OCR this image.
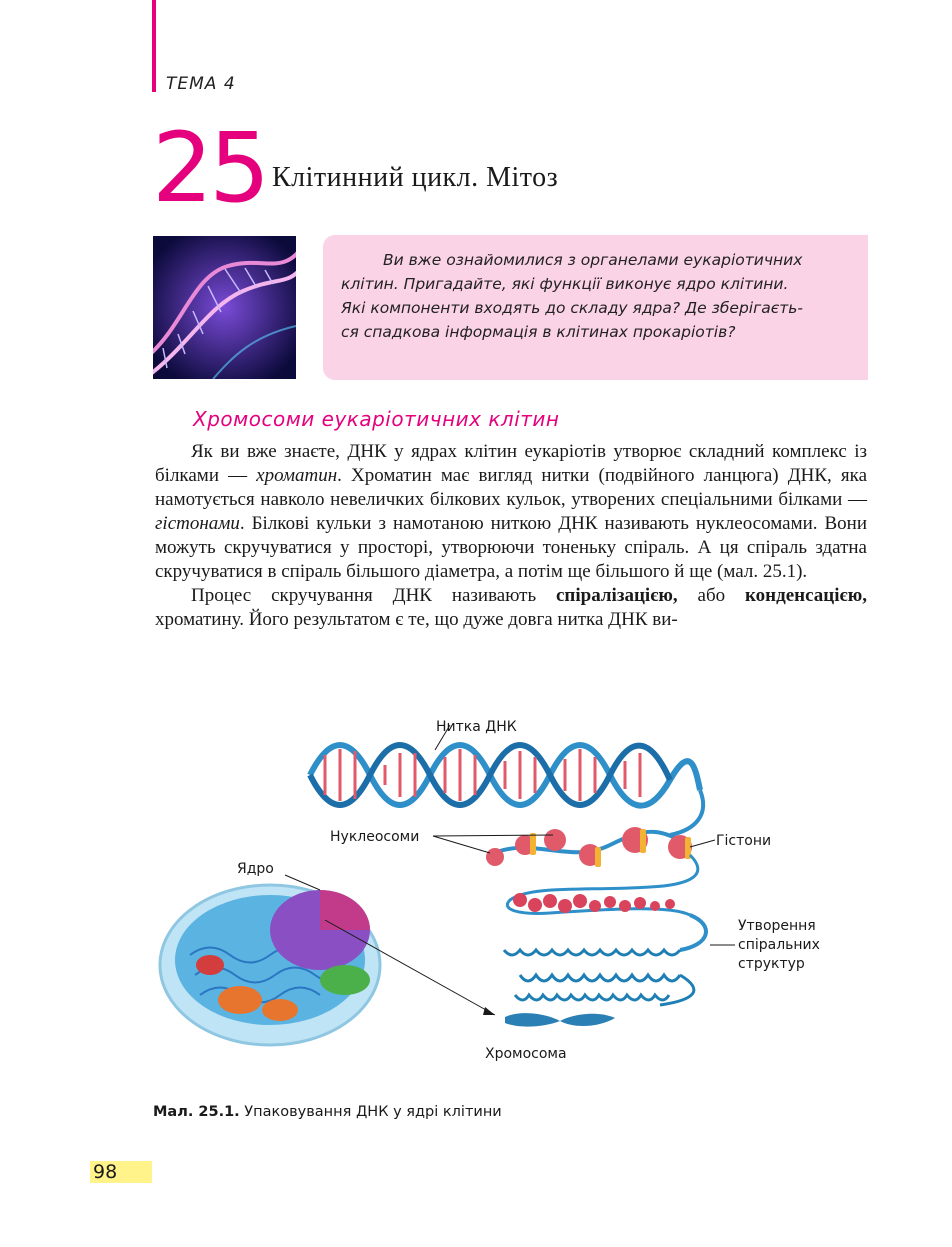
ТЕМА 4
25 Клітинний цикл. Мітоз

Ви вже ознайомилися з органелами еукаріотичних
клітин. Пригадайте, які функції виконує ядро клітини.
Які компоненти входять до складу ядра? Де зберігаєть-
ся спадкова інформація в клітинах прокаріотів?

Хромосоми еукаріотичних клітин

Як ви вже знаєте, ДНК у ядрах клітин еукаріотів утворює складний комплекс із білками — хроматин. Хроматин має вигляд нитки (подвійного ланцюга) ДНК, яка намотується навколо невеличких білкових кульок, утворених спеціальними білками — гістонами. Білкові кульки з намотаною ниткою ДНК називають нуклеосомами. Вони можуть скручуватися у просторі, утворюючи тоненьку спіраль. А ця спіраль здатна скручуватися в спіраль більшого діаметра, а потім ще більшого й ще (мал. 25.1).

Процес скручування ДНК називають спіралізацією, або конденсацією, хроматину. Його результатом є те, що дуже довга нитка ДНК ви-

Нитка ДНК
Нуклеосоми	Гістони
Ядро
Утворення
спіральних
структур
Хромосома
Мал. 25.1. Упаковування ДНК у ядрі клітини
98
